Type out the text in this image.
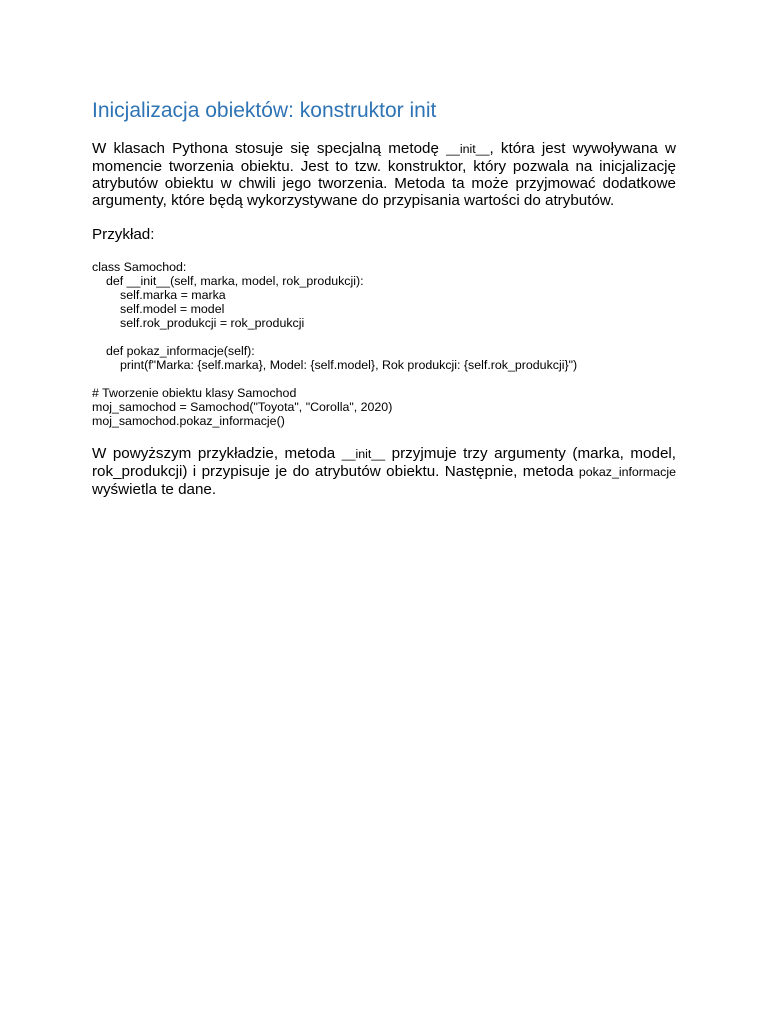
Inicjalizacja obiektów: konstruktor init

W klasach Pythona stosuje się specjalną metodę __init__, która jest wywoływana w momencie tworzenia obiektu. Jest to tzw. konstruktor, który pozwala na inicjalizację atrybutów obiektu w chwili jego tworzenia. Metoda ta może przyjmować dodatkowe argumenty, które będą wykorzystywane do przypisania wartości do atrybutów.

Przykład:

class Samochod:
def __init__(self, marka, model, rok_produkcji):
self.marka = marka
self.model = model
self.rok_produkcji = rok_produkcji
def pokaz_informacje(self):
print(f"Marka: {self.marka}, Model: {self.model}, Rok produkcji: {self.rok_produkcji}")
# Tworzenie obiektu klasy Samochod
moj_samochod = Samochod("Toyota", "Corolla", 2020)
moj_samochod.pokaz_informacje()

W powyższym przykładzie, metoda __init__ przyjmuje trzy argumenty (marka, model, rok_produkcji) i przypisuje je do atrybutów obiektu. Następnie, metoda pokaz_informacje wyświetla te dane.
